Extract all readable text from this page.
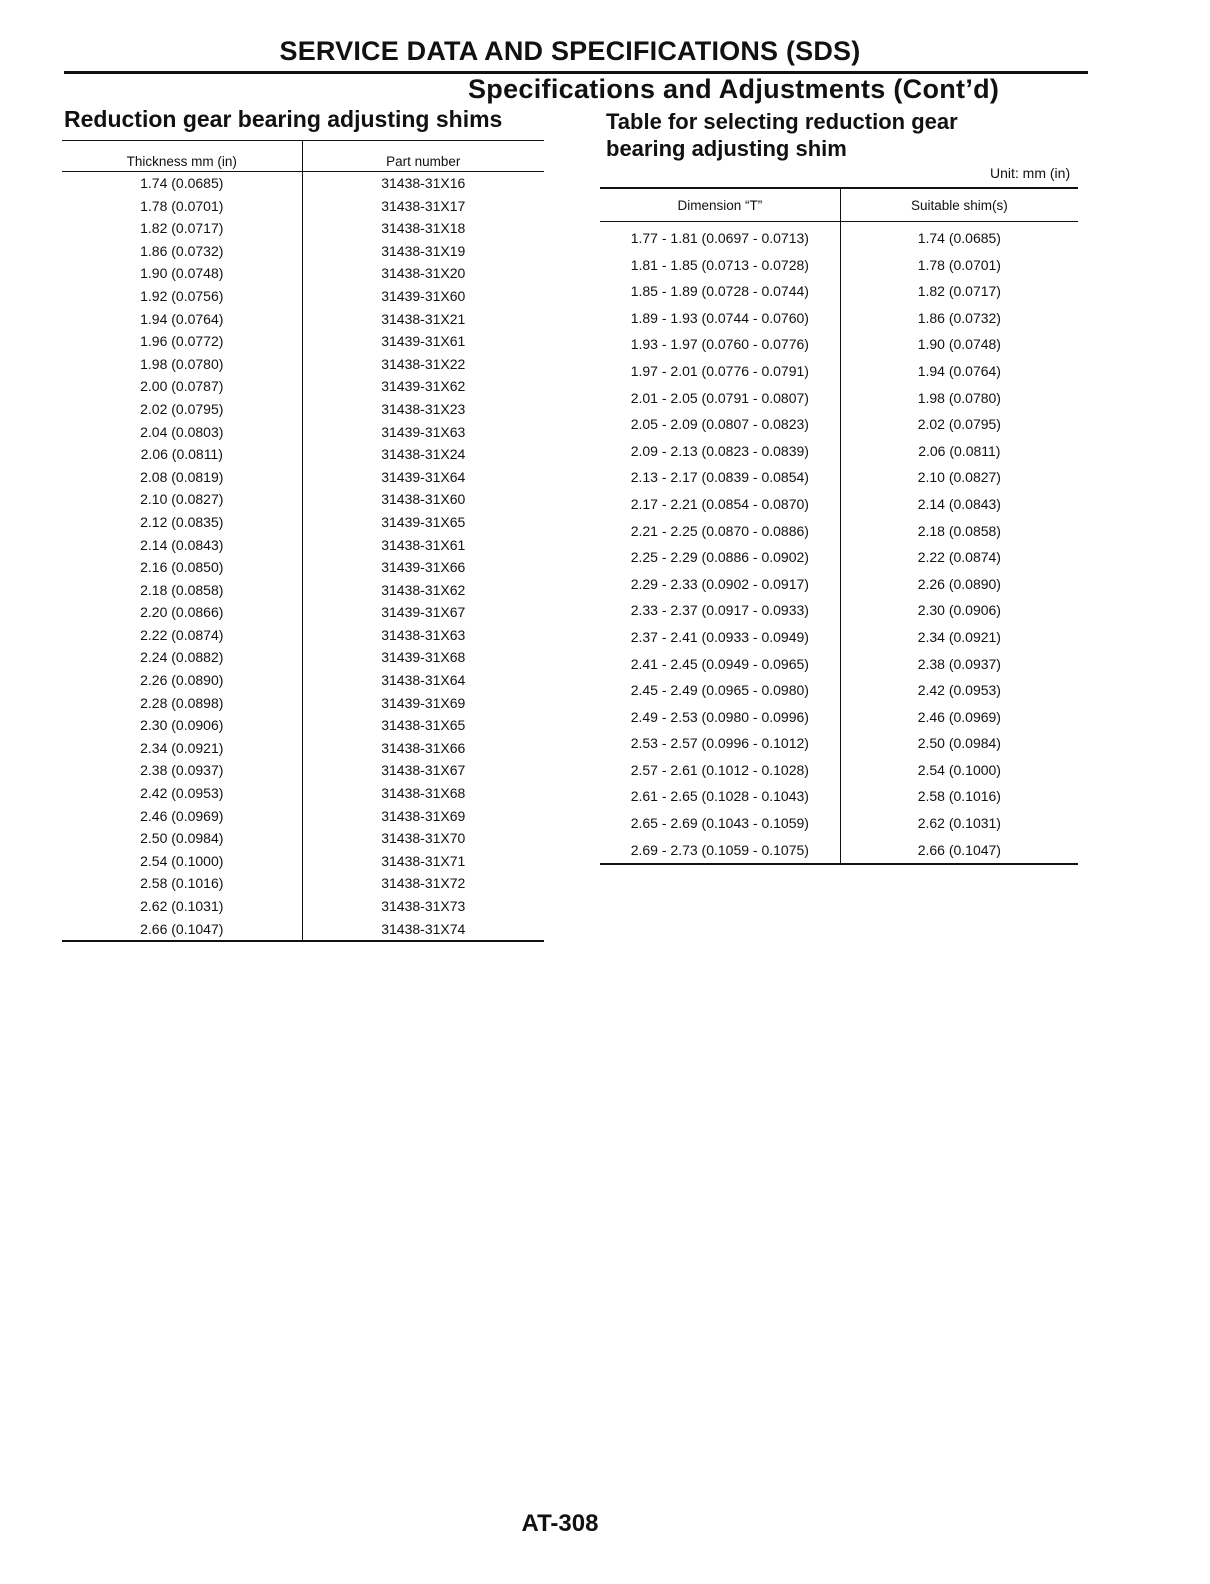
SERVICE DATA AND SPECIFICATIONS (SDS)
Specifications and Adjustments (Cont’d)
Reduction gear bearing adjusting shims	Table for selecting reduction gear bearing adjusting shim
Unit: mm (in)
Thickness mm (in)	Part number
1.74 (0.0685)	31438-31X16
1.78 (0.0701)	31438-31X17
1.82 (0.0717)	31438-31X18
1.86 (0.0732)	31438-31X19
1.90 (0.0748)	31438-31X20
1.92 (0.0756)	31439-31X60
1.94 (0.0764)	31438-31X21
1.96 (0.0772)	31439-31X61
1.98 (0.0780)	31438-31X22
2.00 (0.0787)	31439-31X62
2.02 (0.0795)	31438-31X23
2.04 (0.0803)	31439-31X63
2.06 (0.0811)	31438-31X24
2.08 (0.0819)	31439-31X64
2.10 (0.0827)	31438-31X60
2.12 (0.0835)	31439-31X65
2.14 (0.0843)	31438-31X61
2.16 (0.0850)	31439-31X66
2.18 (0.0858)	31438-31X62
2.20 (0.0866)	31439-31X67
2.22 (0.0874)	31438-31X63
2.24 (0.0882)	31439-31X68
2.26 (0.0890)	31438-31X64
2.28 (0.0898)	31439-31X69
2.30 (0.0906)	31438-31X65
2.34 (0.0921)	31438-31X66
2.38 (0.0937)	31438-31X67
2.42 (0.0953)	31438-31X68
2.46 (0.0969)	31438-31X69
2.50 (0.0984)	31438-31X70
2.54 (0.1000)	31438-31X71
2.58 (0.1016)	31438-31X72
2.62 (0.1031)	31438-31X73
2.66 (0.1047)	31438-31X74
Dimension “T”	Suitable shim(s)
1.77 - 1.81 (0.0697 - 0.0713)	1.74 (0.0685)
1.81 - 1.85 (0.0713 - 0.0728)	1.78 (0.0701)
1.85 - 1.89 (0.0728 - 0.0744)	1.82 (0.0717)
1.89 - 1.93 (0.0744 - 0.0760)	1.86 (0.0732)
1.93 - 1.97 (0.0760 - 0.0776)	1.90 (0.0748)
1.97 - 2.01 (0.0776 - 0.0791)	1.94 (0.0764)
2.01 - 2.05 (0.0791 - 0.0807)	1.98 (0.0780)
2.05 - 2.09 (0.0807 - 0.0823)	2.02 (0.0795)
2.09 - 2.13 (0.0823 - 0.0839)	2.06 (0.0811)
2.13 - 2.17 (0.0839 - 0.0854)	2.10 (0.0827)
2.17 - 2.21 (0.0854 - 0.0870)	2.14 (0.0843)
2.21 - 2.25 (0.0870 - 0.0886)	2.18 (0.0858)
2.25 - 2.29 (0.0886 - 0.0902)	2.22 (0.0874)
2.29 - 2.33 (0.0902 - 0.0917)	2.26 (0.0890)
2.33 - 2.37 (0.0917 - 0.0933)	2.30 (0.0906)
2.37 - 2.41 (0.0933 - 0.0949)	2.34 (0.0921)
2.41 - 2.45 (0.0949 - 0.0965)	2.38 (0.0937)
2.45 - 2.49 (0.0965 - 0.0980)	2.42 (0.0953)
2.49 - 2.53 (0.0980 - 0.0996)	2.46 (0.0969)
2.53 - 2.57 (0.0996 - 0.1012)	2.50 (0.0984)
2.57 - 2.61 (0.1012 - 0.1028)	2.54 (0.1000)
2.61 - 2.65 (0.1028 - 0.1043)	2.58 (0.1016)
2.65 - 2.69 (0.1043 - 0.1059)	2.62 (0.1031)
2.69 - 2.73 (0.1059 - 0.1075)	2.66 (0.1047)
AT-308
